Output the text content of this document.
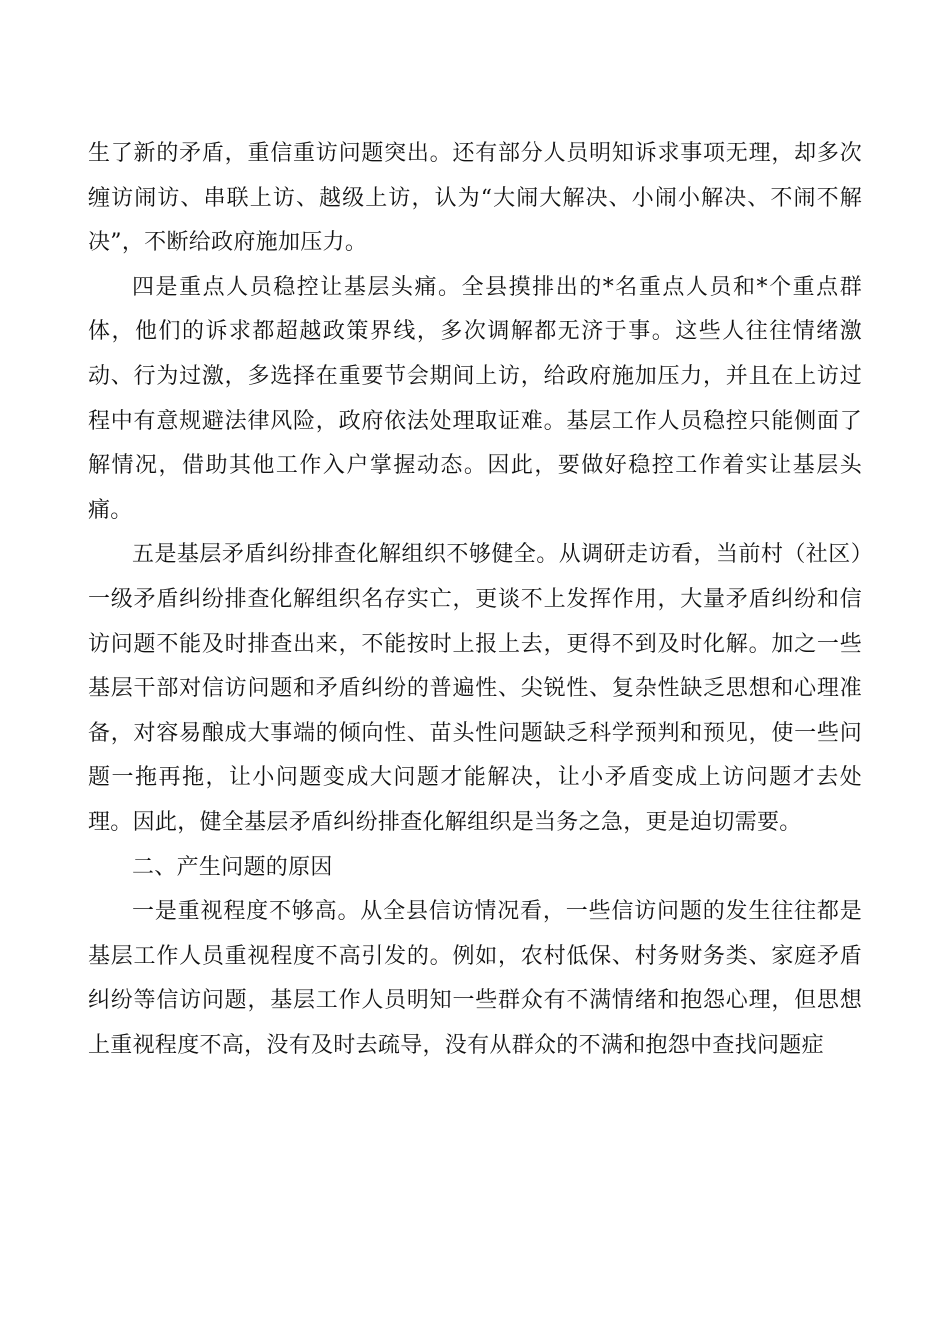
生了新的矛盾，重信重访问题突出。还有部分人员明知诉求事项无理，却多次缠访闹访、串联上访、越级上访，认为“大闹大解决、小闹小解决、不闹不解决”，不断给政府施加压力。

四是重点人员稳控让基层头痛。全县摸排出的*名重点人员和*个重点群体，他们的诉求都超越政策界线，多次调解都无济于事。这些人往往情绪激动、行为过激，多选择在重要节会期间上访，给政府施加压力，并且在上访过程中有意规避法律风险，政府依法处理取证难。基层工作人员稳控只能侧面了解情况，借助其他工作入户掌握动态。因此，要做好稳控工作着实让基层头痛。

五是基层矛盾纠纷排查化解组织不够健全。从调研走访看，当前村（社区）一级矛盾纠纷排查化解组织名存实亡，更谈不上发挥作用，大量矛盾纠纷和信访问题不能及时排查出来，不能按时上报上去，更得不到及时化解。加之一些基层干部对信访问题和矛盾纠纷的普遍性、尖锐性、复杂性缺乏思想和心理准备，对容易酿成大事端的倾向性、苗头性问题缺乏科学预判和预见，使一些问题一拖再拖，让小问题变成大问题才能解决，让小矛盾变成上访问题才去处理。因此，健全基层矛盾纠纷排查化解组织是当务之急，更是迫切需要。

二、产生问题的原因

一是重视程度不够高。从全县信访情况看，一些信访问题的发生往往都是基层工作人员重视程度不高引发的。例如，农村低保、村务财务类、家庭矛盾纠纷等信访问题，基层工作人员明知一些群众有不满情绪和抱怨心理，但思想上重视程度不高，没有及时去疏导，没有从群众的不满和抱怨中查找问题症
